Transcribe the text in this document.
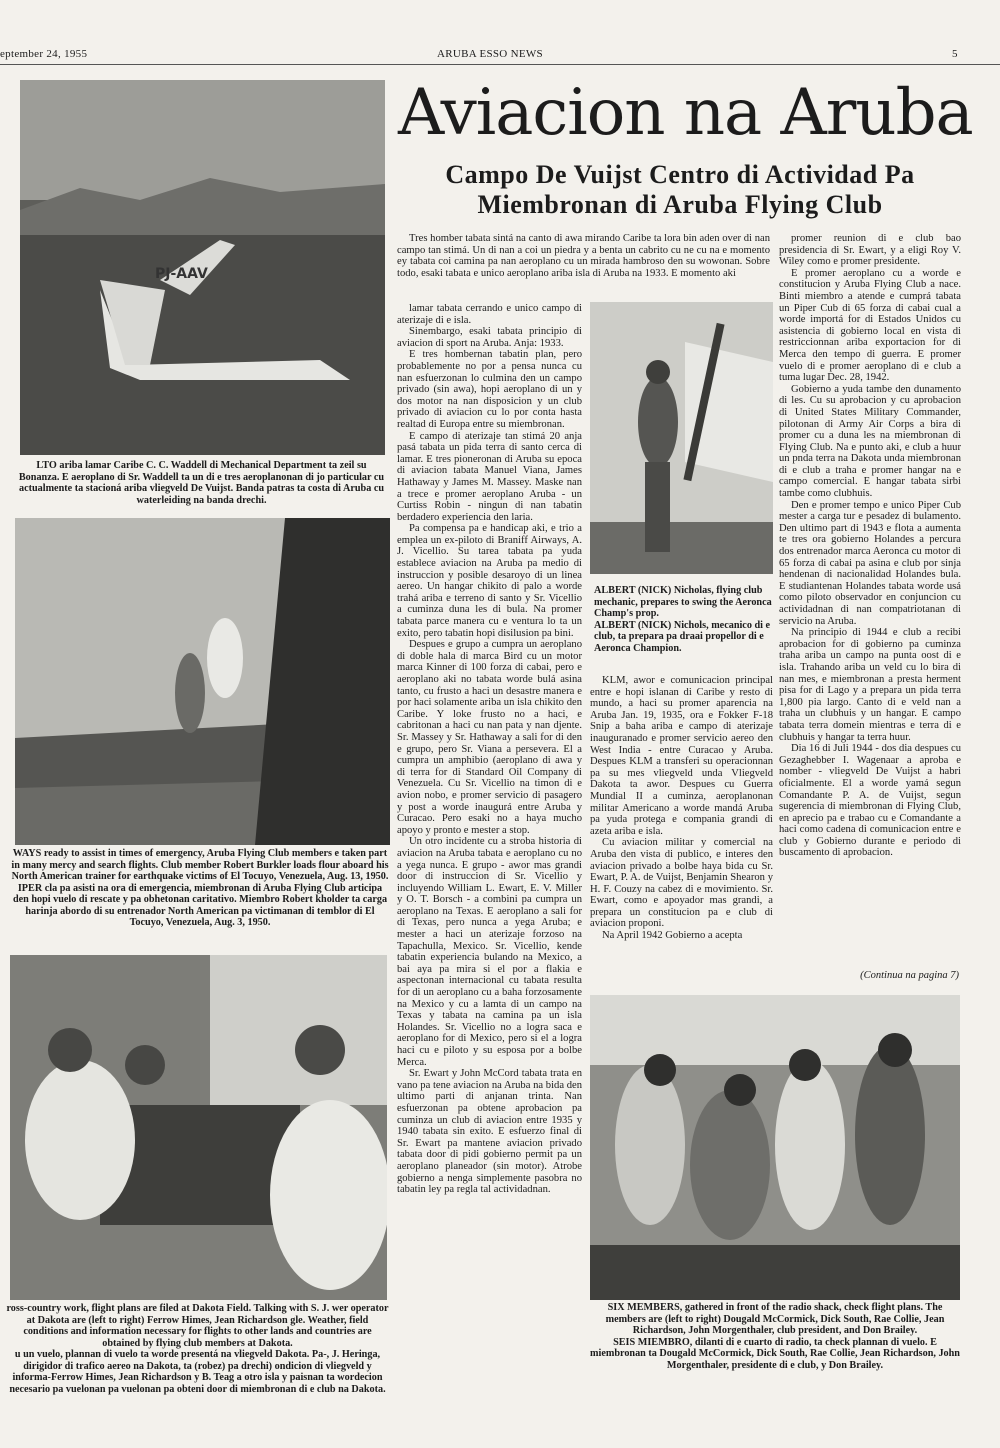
eptember 24, 1955	ARUBA ESSO NEWS	5
PJ-AAV

LTO ariba lamar Caribe C. C. Waddell di Mechanical Department ta zeil su Bonanza. E aeroplano di Sr. Waddell ta un di e tres aeroplanonan di jo particular cu actualmente ta stacioná ariba vliegveld De Vuijst. Banda patras ta costa di Aruba cu waterleiding na banda drechi.

WAYS ready to assist in times of emergency, Aruba Flying Club members e taken part in many mercy and search flights. Club member Robert Burkler loads flour aboard his North American trainer for earthquake victims of El Tocuyo, Venezuela, Aug. 13, 1950.

IPER cla pa asisti na ora di emergencia, miembronan di Aruba Flying Club articipa den hopi vuelo di rescate y pa obhetonan caritativo. Miembro Robert kholder ta carga harinja abordo di su entrenador North American pa victimanan di temblor di El Tocuyo, Venezuela, Aug. 3, 1950.

ross-country work, flight plans are filed at Dakota Field. Talking with S. J. wer operator at Dakota are (left to right) Ferrow Himes, Jean Richardson gle. Weather, field conditions and information necessary for flights to other lands and countries are obtained by flying club members at Dakota.

u un vuelo, plannan di vuelo ta worde presentá na vliegveld Dakota. Pa-, J. Heringa, dirigidor di trafico aereo na Dakota, ta (robez) pa drechi) ondicion di vliegveld y informa-Ferrow Himes, Jean Richardson y B. Teag a otro isla y paisnan ta wordecion necesario pa vuelonan pa vuelonan pa obteni door di miembronan di e club na Dakota.

Aviacion na Aruba
Campo De Vuijst Centro di Actividad Pa Miembronan di Aruba Flying Club

Tres homber tabata sintá na canto di awa mirando Caribe ta lora bin aden over di nan campo tan stimá. Un di nan a coi un piedra y a benta un cabrito cu ne cu na e momento ey tabata coi camina pa nan aeroplano cu un mirada hambroso den su wowonan. Sobre todo, esaki tabata e unico aeroplano ariba isla di Aruba na 1933. E momento aki

lamar tabata cerrando e unico campo di aterizaje di e isla.

Sinembargo, esaki tabata principio di aviacion di sport na Aruba. Anja: 1933.

E tres hombernan tabatin plan, pero probablemente no por a pensa nunca cu nan esfuerzonan lo culmina den un campo privado (sin awa), hopi aeroplano di un y dos motor na nan disposicion y un club privado di aviacion cu lo por conta hasta realtad di Europa entre su miembronan.

E campo di aterizaje tan stimá 20 anja pasá tabata un pida terra di santo cerca di lamar. E tres pioneronan di Aruba su epoca di aviacion tabata Manuel Viana, James Hathaway y James M. Massey. Maske nan a trece e promer aeroplano Aruba - un Curtiss Robin - ningun di nan tabatin berdadero experiencia den laria.

Pa compensa pa e handicap aki, e trio a emplea un ex-piloto di Braniff Airways, A. J. Vicellio. Su tarea tabata pa yuda establece aviacion na Aruba pa medio di instruccion y posible desaroyo di un linea aereo. Un hangar chikito di palo a worde trahá ariba e terreno di santo y Sr. Vicellio a cuminza duna les di bula. Na promer tabata parce manera cu e ventura lo ta un exito, pero tabatin hopi disilusion pa bini.

Despues e grupo a cumpra un aeroplano di doble hala di marca Bird cu un motor marca Kinner di 100 forza di cabai, pero e aeroplano aki no tabata worde bulá asina tanto, cu frusto a haci un desastre manera e por haci solamente ariba un isla chikito den Caribe. Y loke frusto no a haci, e cabritonan a haci cu nan pata y nan djente. Sr. Massey y Sr. Hathaway a sali for di den e grupo, pero Sr. Viana a persevera. El a cumpra un amphibio (aeroplano di awa y di terra for di Standard Oil Company di Venezuela. Cu Sr. Vicellio na timon di e avion nobo, e promer servicio di pasagero y post a worde inaugurá entre Aruba y Curacao. Pero esaki no a haya mucho apoyo y pronto e mester a stop.

Un otro incidente cu a stroba historia di aviacion na Aruba tabata e aeroplano cu no a yega nunca. E grupo - awor mas grandi door di instruccion di Sr. Vicellio y incluyendo William L. Ewart, E. V. Miller y O. T. Borsch - a combini pa cumpra un aeroplano na Texas. E aeroplano a sali for di Texas, pero nunca a yega Aruba; e mester a haci un aterizaje forzoso na Tapachulla, Mexico. Sr. Vicellio, kende tabatin experiencia bulando na Mexico, a bai aya pa mira si el por a flakia e aspectonan internacional cu tabata resulta for di un aeroplano cu a baha forzosamente na Mexico y cu a lamta di un campo na Texas y tabata na camina pa un isla Holandes. Sr. Vicellio no a logra saca e aeroplano for di Mexico, pero si el a logra haci cu e piloto y su esposa por a bolbe Merca.

Sr. Ewart y John McCord tabata trata en vano pa tene aviacion na Aruba na bida den ultimo parti di anjanan trinta. Nan esfuerzonan pa obtene aprobacion pa cuminza un club di aviacion entre 1935 y 1940 tabata sin exito. E esfuerzo final di Sr. Ewart pa mantene aviacion privado tabata door di pidi gobierno permit pa un aeroplano planeador (sin motor). Atrobe gobierno a nenga simplemente pasobra no tabatin ley pa regla tal actividadnan.

ALBERT (NICK) Nicholas, flying club mechanic, prepares to swing the Aeronca Champ's prop.

ALBERT (NICK) Nichols, mecanico di e club, ta prepara pa draai propellor di e Aeronca Champion.

KLM, awor e comunicacion principal entre e hopi islanan di Caribe y resto di mundo, a haci su promer aparencia na Aruba Jan. 19, 1935, ora e Fokker F-18 Snip a baha ariba e campo di aterizaje inauguranado e promer servicio aereo den West India - entre Curacao y Aruba. Despues KLM a transferi su operacionnan pa su mes vliegveld unda Vliegveld Dakota ta awor. Despues cu Guerra Mundial II a cuminza, aeroplanonan militar Americano a worde mandá Aruba pa yuda protega e compania grandi di azeta ariba e isla.

Cu aviacion militar y comercial na Aruba den vista di publico, e interes den aviacion privado a bolbe haya bida cu Sr. Ewart, P. A. de Vuijst, Benjamin Shearon y H. F. Couzy na cabez di e movimiento. Sr. Ewart, como e apoyador mas grandi, a prepara un constitucion pa e club di aviacion proponi.

Na April 1942 Gobierno a acepta

promer reunion di e club bao presidencia di Sr. Ewart, y a eligi Roy V. Wiley como e promer presidente.

E promer aeroplano cu a worde e constitucion y Aruba Flying Club a nace. Binti miembro a atende e cumprá tabata un Piper Cub di 65 forza di cabai cual a worde importá for di Estados Unidos cu asistencia di gobierno local en vista di restriccionnan ariba exportacion for di Merca den tempo di guerra. E promer vuelo di e promer aeroplano di e club a tuma lugar Dec. 28, 1942.

Gobierno a yuda tambe den dunamento di les. Cu su aprobacion y cu aprobacion di United States Military Commander, pilotonan di Army Air Corps a bira di promer cu a duna les na miembronan di Flying Club. Na e punto aki, e club a huur un pnda terra na Dakota unda miembronan di e club a traha e promer hangar na e campo comercial. E hangar tabata sirbi tambe como clubhuis.

Den e promer tempo e unico Piper Cub mester a carga tur e pesadez di bulamento. Den ultimo part di 1943 e flota a aumenta te tres ora gobierno Holandes a percura dos entrenador marca Aeronca cu motor di 65 forza di cabai pa asina e club por sinja hendenan di nacionalidad Holandes bula. E studiantenan Holandes tabata worde usá como piloto observador en conjuncion cu actividadnan di nan compatriotanan di servicio na Aruba.

Na principio di 1944 e club a recibi aprobacion for di gobierno pa cuminza traha ariba un campo na punta oost di e isla. Trahando ariba un veld cu lo bira di nan mes, e miembronan a presta herment pisa for di Lago y a prepara un pida terra 1,800 pia largo. Canto di e veld nan a traha un clubhuis y un hangar. E campo tabata terra domein mientras e terra di e clubhuis y hangar ta terra huur.

Dia 16 di Juli 1944 - dos dia despues cu Gezaghebber I. Wagenaar a aproba e nomber - vliegveld De Vuijst a habri oficialmente. El a worde yamá segun Comandante P. A. de Vuijst, segun sugerencia di miembronan di Flying Club, en aprecio pa e trabao cu e Comandante a haci como cadena di comunicacion entre e club y Gobierno durante e periodo di buscamento di aprobacion.

(Continua na pagina 7)

SIX MEMBERS, gathered in front of the radio shack, check flight plans. The members are (left to right) Dougald McCormick, Dick South, Rae Collie, Jean Richardson, John Morgenthaler, club president, and Don Brailey.

SEIS MIEMBRO, dilanti di e cuarto di radio, ta check plannan di vuelo. E miembronan ta Dougald McCormick, Dick South, Rae Collie, Jean Richardson, John Morgenthaler, presidente di e club, y Don Brailey.
